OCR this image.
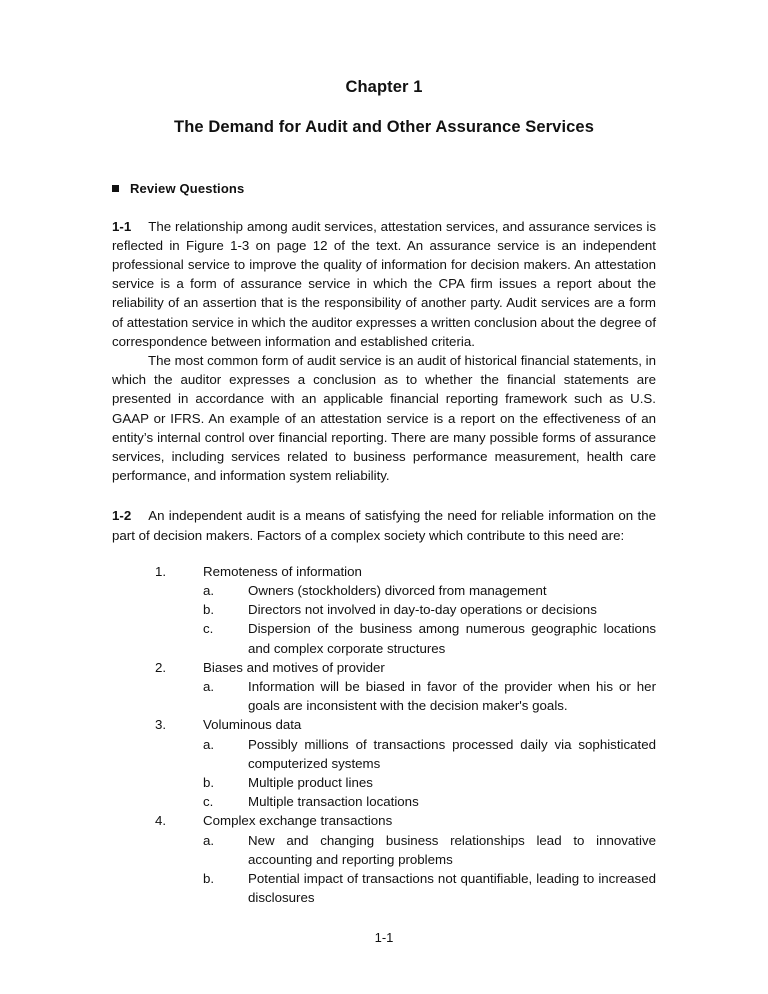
Chapter 1
The Demand for Audit and Other Assurance Services
Review Questions

1-1 The relationship among audit services, attestation services, and assurance services is reflected in Figure 1-3 on page 12 of the text. An assurance service is an independent professional service to improve the quality of information for decision makers. An attestation service is a form of assurance service in which the CPA firm issues a report about the reliability of an assertion that is the responsibility of another party. Audit services are a form of attestation service in which the auditor expresses a written conclusion about the degree of correspondence between information and established criteria.

The most common form of audit service is an audit of historical financial statements, in which the auditor expresses a conclusion as to whether the financial statements are presented in accordance with an applicable financial reporting framework such as U.S. GAAP or IFRS. An example of an attestation service is a report on the effectiveness of an entity’s internal control over financial reporting. There are many possible forms of assurance services, including services related to business performance measurement, health care performance, and information system reliability.

1-2 An independent audit is a means of satisfying the need for reliable information on the part of decision makers. Factors of a complex society which contribute to this need are:

1.	Remoteness of information
a.	Owners (stockholders) divorced from management
b.	Directors not involved in day-to-day operations or decisions
c.	Dispersion of the business among numerous geographic locations and complex corporate structures
2.	Biases and motives of provider
a.	Information will be biased in favor of the provider when his or her goals are inconsistent with the decision maker's goals.
3.	Voluminous data
a.	Possibly millions of transactions processed daily via sophisticated computerized systems
b.	Multiple product lines
c.	Multiple transaction locations
4.	Complex exchange transactions
a.	New and changing business relationships lead to innovative accounting and reporting problems
b.	Potential impact of transactions not quantifiable, leading to increased disclosures
1-1
